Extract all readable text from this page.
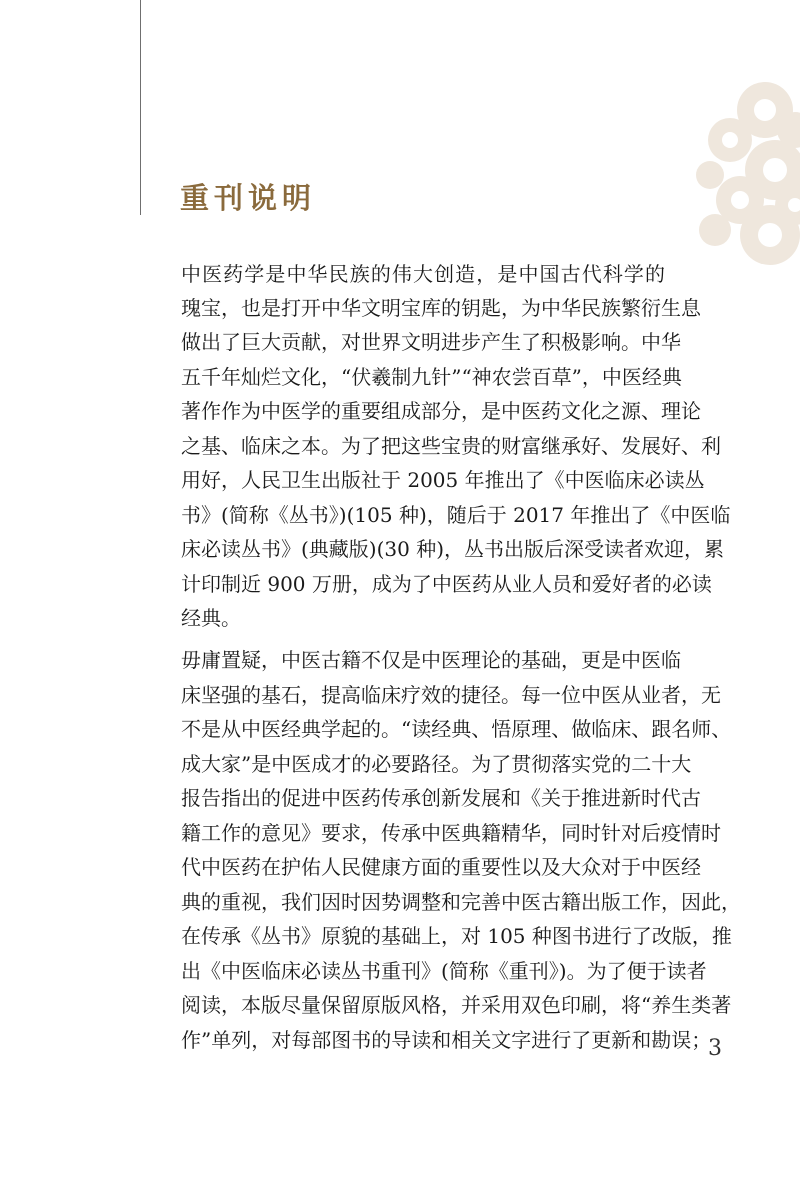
重刊说明
中医药学是中华民族的伟大创造，是中国古代科学的
瑰宝，也是打开中华文明宝库的钥匙，为中华民族繁衍生息
做出了巨大贡献，对世界文明进步产生了积极影响。中华
五千年灿烂文化，“伏羲制九针”“神农尝百草”，中医经典
著作作为中医学的重要组成部分，是中医药文化之源、理论
之基、临床之本。为了把这些宝贵的财富继承好、发展好、利
用好，人民卫生出版社于 2005 年推出了《中医临床必读丛
书》(简称《丛书》)(105 种)，随后于 2017 年推出了《中医临
床必读丛书》(典藏版)(30 种)，丛书出版后深受读者欢迎，累
计印制近 900 万册，成为了中医药从业人员和爱好者的必读
经典。
毋庸置疑，中医古籍不仅是中医理论的基础，更是中医临
床坚强的基石，提高临床疗效的捷径。每一位中医从业者，无
不是从中医经典学起的。“读经典、悟原理、做临床、跟名师、
成大家”是中医成才的必要路径。为了贯彻落实党的二十大
报告指出的促进中医药传承创新发展和《关于推进新时代古
籍工作的意见》要求，传承中医典籍精华，同时针对后疫情时
代中医药在护佑人民健康方面的重要性以及大众对于中医经
典的重视，我们因时因势调整和完善中医古籍出版工作，因此，
在传承《丛书》原貌的基础上，对 105 种图书进行了改版，推
出《中医临床必读丛书重刊》(简称《重刊》)。为了便于读者
阅读，本版尽量保留原版风格，并采用双色印刷，将“养生类著
作”单列，对每部图书的导读和相关文字进行了更新和勘误；
3
